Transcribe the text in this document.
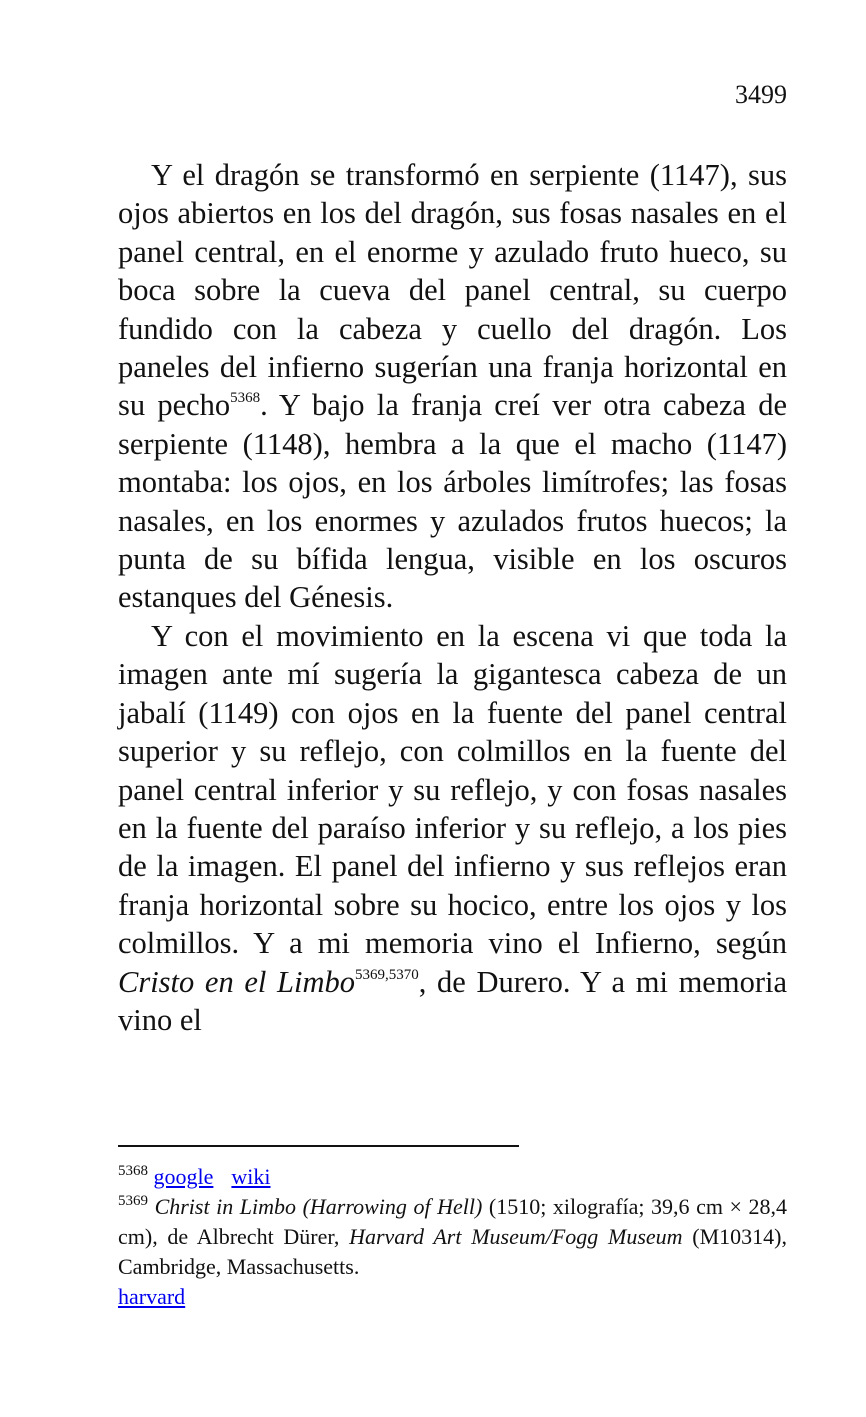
3499

Y el dragón se transformó en serpiente (1147), sus ojos abiertos en los del dragón, sus fosas nasales en el panel central, en el enorme y azulado fruto hueco, su boca sobre la cueva del panel central, su cuerpo fundido con la cabeza y cuello del dragón. Los paneles del infierno sugerían una franja horizontal en su pecho$^{5368}$. Y bajo la franja creí ver otra cabeza de serpiente (1148), hembra a la que el macho (1147) montaba: los ojos, en los árboles limítrofes; las fosas nasales, en los enormes y azulados frutos huecos; la punta de su bífida lengua, visible en los oscuros estanques del Génesis.

Y con el movimiento en la escena vi que toda la imagen ante mí sugería la gigantesca cabeza de un jabalí (1149) con ojos en la fuente del panel central superior y su reflejo, con colmillos en la fuente del panel central inferior y su reflejo, y con fosas nasales en la fuente del paraíso inferior y su reflejo, a los pies de la imagen. El panel del infierno y sus reflejos eran franja horizontal sobre su hocico, entre los ojos y los colmillos. Y a mi memoria vino el Infierno, según Cristo en el Limbo$^{5369,5370}$, de Durero. Y a mi memoria vino el

$^{5368}$ google wiki

$^{5369}$ Christ in Limbo (Harrowing of Hell) (1510; xilografía; 39,6 cm × 28,4 cm), de Albrecht Dürer, Harvard Art Museum/Fogg Museum (M10314), Cambridge, Massachusetts.

harvard
